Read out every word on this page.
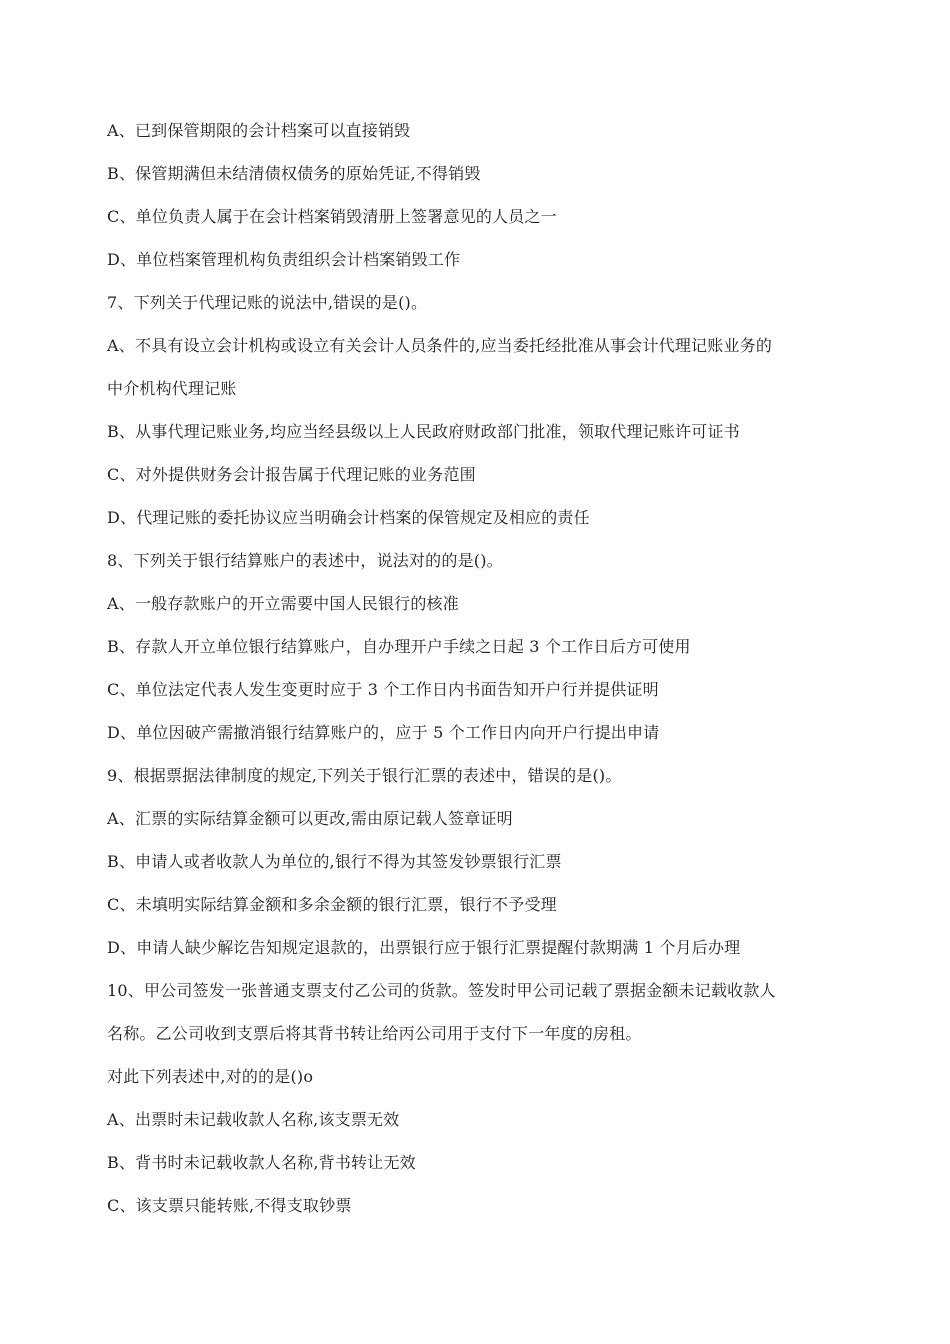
A、已到保管期限的会计档案可以直接销毁
B、保管期满但未结清债权债务的原始凭证,不得销毁
C、单位负责人属于在会计档案销毁清册上签署意见的人员之一
D、单位档案管理机构负责组织会计档案销毁工作
7、下列关于代理记账的说法中,错误的是()。
A、不具有设立会计机构或设立有关会计人员条件的,应当委托经批准从事会计代理记账业务的
中介机构代理记账
B、从事代理记账业务,均应当经县级以上人民政府财政部门批准，领取代理记账许可证书
C、对外提供财务会计报告属于代理记账的业务范围
D、代理记账的委托协议应当明确会计档案的保管规定及相应的责任
8、下列关于银行结算账户的表述中，说法对的的是()。
A、一般存款账户的开立需要中国人民银行的核准
B、存款人开立单位银行结算账户，自办理开户手续之日起 3 个工作日后方可使用
C、单位法定代表人发生变更时应于 3 个工作日内书面告知开户行并提供证明
D、单位因破产需撤消银行结算账户的，应于 5 个工作日内向开户行提出申请
9、根据票据法律制度的规定,下列关于银行汇票的表述中，错误的是()。
A、汇票的实际结算金额可以更改,需由原记载人签章证明
B、申请人或者收款人为单位的,银行不得为其签发钞票银行汇票
C、未填明实际结算金额和多余金额的银行汇票，银行不予受理
D、申请人缺少解讫告知规定退款的，出票银行应于银行汇票提醒付款期满 1 个月后办理
10、甲公司签发一张普通支票支付乙公司的货款。签发时甲公司记载了票据金额未记载收款人
名称。乙公司收到支票后将其背书转让给丙公司用于支付下一年度的房租。
对此下列表述中,对的的是()o
A、出票时未记载收款人名称,该支票无效
B、背书时未记载收款人名称,背书转让无效
C、该支票只能转账,不得支取钞票
